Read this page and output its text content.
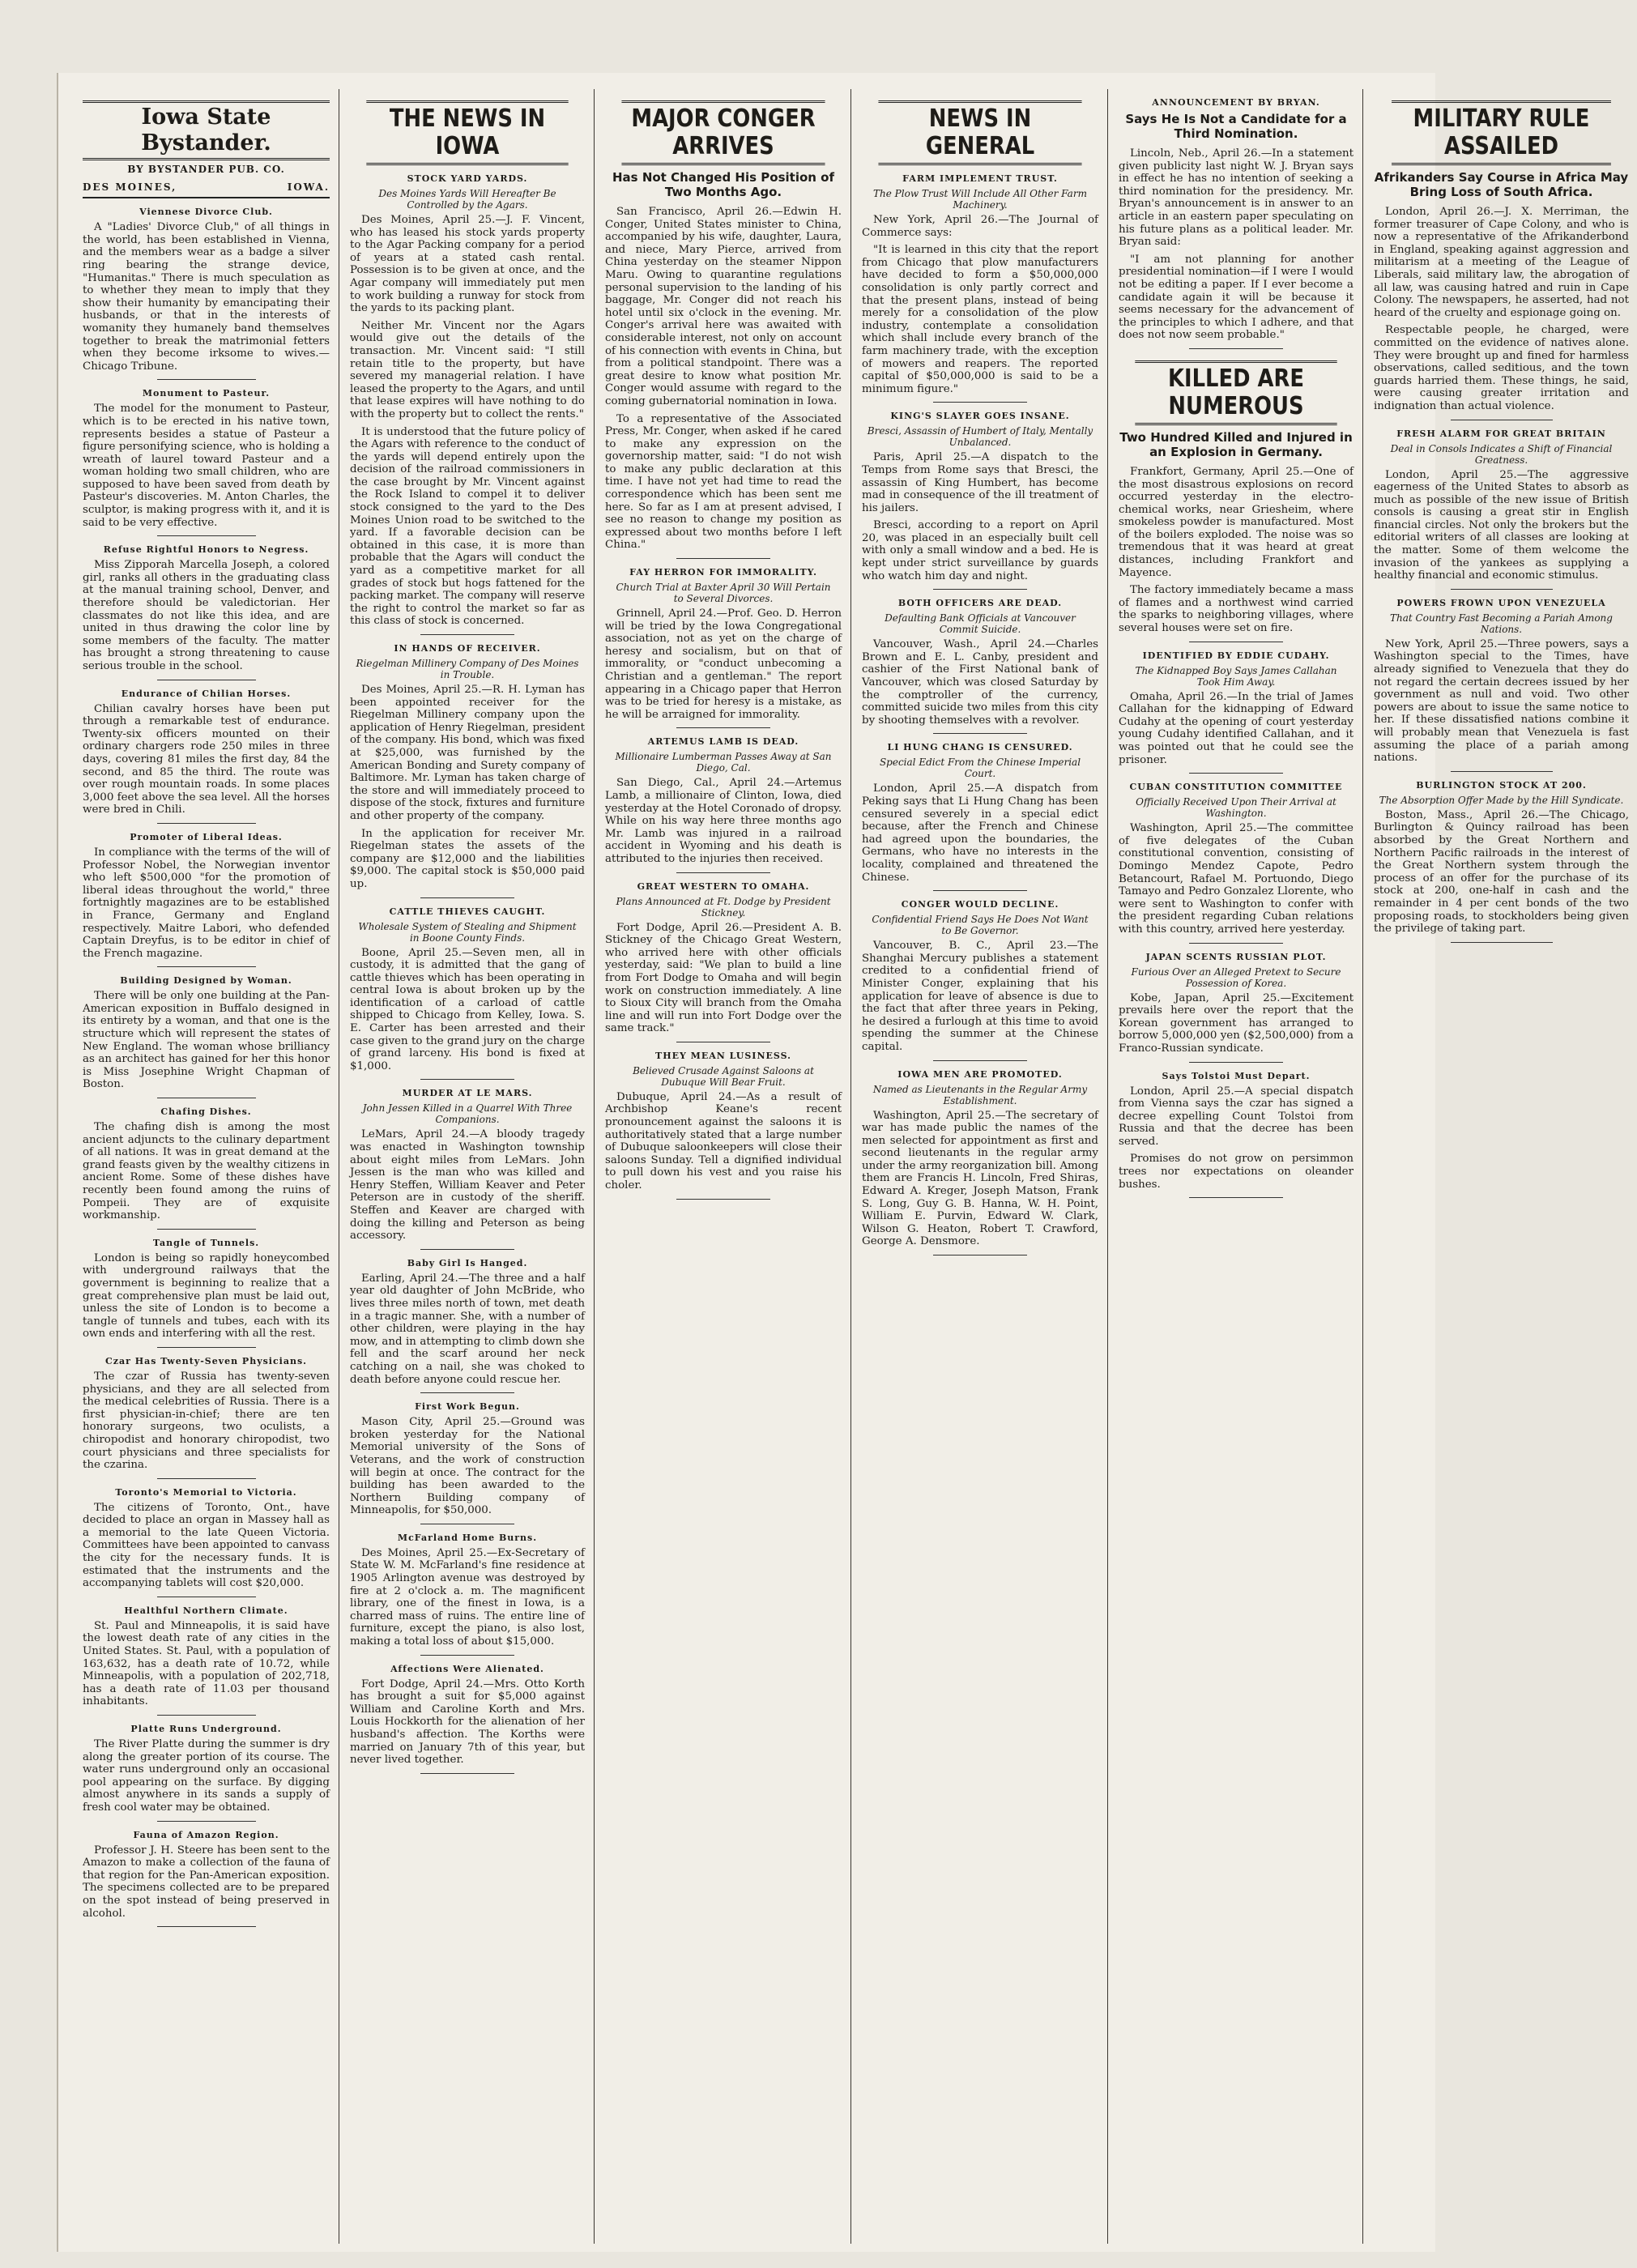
Iowa State Bystander.
BY BYSTANDER PUB. CO.
DES MOINES,	IOWA.
Viennese Divorce Club.

A "Ladies' Divorce Club," of all things in the world, has been established in Vienna, and the members wear as a badge a silver ring bearing the strange device, "Humanitas." There is much speculation as to whether they mean to imply that they show their humanity by emancipating their husbands, or that in the interests of womanity they humanely band themselves together to break the matrimonial fetters when they become irksome to wives.—Chicago Tribune.

Monument to Pasteur.

The model for the monument to Pasteur, which is to be erected in his native town, represents besides a statue of Pasteur a figure personifying science, who is holding a wreath of laurel toward Pasteur and a woman holding two small children, who are supposed to have been saved from death by Pasteur's discoveries. M. Anton Charles, the sculptor, is making progress with it, and it is said to be very effective.

Refuse Rightful Honors to Negress.

Miss Zipporah Marcella Joseph, a colored girl, ranks all others in the graduating class at the manual training school, Denver, and therefore should be valedictorian. Her classmates do not like this idea, and are united in thus drawing the color line by some members of the faculty. The matter has brought a strong threatening to cause serious trouble in the school.

Endurance of Chilian Horses.

Chilian cavalry horses have been put through a remarkable test of endurance. Twenty-six officers mounted on their ordinary chargers rode 250 miles in three days, covering 81 miles the first day, 84 the second, and 85 the third. The route was over rough mountain roads. In some places 3,000 feet above the sea level. All the horses were bred in Chili.

Promoter of Liberal Ideas.

In compliance with the terms of the will of Professor Nobel, the Norwegian inventor who left $500,000 "for the promotion of liberal ideas throughout the world," three fortnightly magazines are to be established in France, Germany and England respectively. Maitre Labori, who defended Captain Dreyfus, is to be editor in chief of the French magazine.

Building Designed by Woman.

There will be only one building at the Pan-American exposition in Buffalo designed in its entirety by a woman, and that one is the structure which will represent the states of New England. The woman whose brilliancy as an architect has gained for her this honor is Miss Josephine Wright Chapman of Boston.

Chafing Dishes.

The chafing dish is among the most ancient adjuncts to the culinary department of all nations. It was in great demand at the grand feasts given by the wealthy citizens in ancient Rome. Some of these dishes have recently been found among the ruins of Pompeii. They are of exquisite workmanship.

Tangle of Tunnels.

London is being so rapidly honeycombed with underground railways that the government is beginning to realize that a great comprehensive plan must be laid out, unless the site of London is to become a tangle of tunnels and tubes, each with its own ends and interfering with all the rest.

Czar Has Twenty-Seven Physicians.

The czar of Russia has twenty-seven physicians, and they are all selected from the medical celebrities of Russia. There is a first physician-in-chief; there are ten honorary surgeons, two oculists, a chiropodist and honorary chiropodist, two court physicians and three specialists for the czarina.

Toronto's Memorial to Victoria.

The citizens of Toronto, Ont., have decided to place an organ in Massey hall as a memorial to the late Queen Victoria. Committees have been appointed to canvass the city for the necessary funds. It is estimated that the instruments and the accompanying tablets will cost $20,000.

Healthful Northern Climate.

St. Paul and Minneapolis, it is said have the lowest death rate of any cities in the United States. St. Paul, with a population of 163,632, has a death rate of 10.72, while Minneapolis, with a population of 202,718, has a death rate of 11.03 per thousand inhabitants.

Platte Runs Underground.

The River Platte during the summer is dry along the greater portion of its course. The water runs underground only an occasional pool appearing on the surface. By digging almost anywhere in its sands a supply of fresh cool water may be obtained.

Fauna of Amazon Region.

Professor J. H. Steere has been sent to the Amazon to make a collection of the fauna of that region for the Pan-American exposition. The specimens collected are to be prepared on the spot instead of being preserved in alcohol.

THE NEWS IN IOWA
STOCK YARD YARDS.
Des Moines Yards Will Hereafter Be Controlled by the Agars.

Des Moines, April 25.—J. F. Vincent, who has leased his stock yards property to the Agar Packing company for a period of years at a stated cash rental. Possession is to be given at once, and the Agar company will immediately put men to work building a runway for stock from the yards to its packing plant.

Neither Mr. Vincent nor the Agars would give out the details of the transaction. Mr. Vincent said: "I still retain title to the property, but have severed my managerial relation. I have leased the property to the Agars, and until that lease expires will have nothing to do with the property but to collect the rents."

It is understood that the future policy of the Agars with reference to the conduct of the yards will depend entirely upon the decision of the railroad commissioners in the case brought by Mr. Vincent against the Rock Island to compel it to deliver stock consigned to the yard to the Des Moines Union road to be switched to the yard. If a favorable decision can be obtained in this case, it is more than probable that the Agars will conduct the yard as a competitive market for all grades of stock but hogs fattened for the packing market. The company will reserve the right to control the market so far as this class of stock is concerned.

IN HANDS OF RECEIVER.
Riegelman Millinery Company of Des Moines in Trouble.

Des Moines, April 25.—R. H. Lyman has been appointed receiver for the Riegelman Millinery company upon the application of Henry Riegelman, president of the company. His bond, which was fixed at $25,000, was furnished by the American Bonding and Surety company of Baltimore. Mr. Lyman has taken charge of the store and will immediately proceed to dispose of the stock, fixtures and furniture and other property of the company.

In the application for receiver Mr. Riegelman states the assets of the company are $12,000 and the liabilities $9,000. The capital stock is $50,000 paid up.

CATTLE THIEVES CAUGHT.
Wholesale System of Stealing and Shipment in Boone County Finds.

Boone, April 25.—Seven men, all in custody, it is admitted that the gang of cattle thieves which has been operating in central Iowa is about broken up by the identification of a carload of cattle shipped to Chicago from Kelley, Iowa. S. E. Carter has been arrested and their case given to the grand jury on the charge of grand larceny. His bond is fixed at $1,000.

MURDER AT LE MARS.
John Jessen Killed in a Quarrel With Three Companions.

LeMars, April 24.—A bloody tragedy was enacted in Washington township about eight miles from LeMars. John Jessen is the man who was killed and Henry Steffen, William Keaver and Peter Peterson are in custody of the sheriff. Steffen and Keaver are charged with doing the killing and Peterson as being accessory.

Baby Girl Is Hanged.

Earling, April 24.—The three and a half year old daughter of John McBride, who lives three miles north of town, met death in a tragic manner. She, with a number of other children, were playing in the hay mow, and in attempting to climb down she fell and the scarf around her neck catching on a nail, she was choked to death before anyone could rescue her.

First Work Begun.

Mason City, April 25.—Ground was broken yesterday for the National Memorial university of the Sons of Veterans, and the work of construction will begin at once. The contract for the building has been awarded to the Northern Building company of Minneapolis, for $50,000.

McFarland Home Burns.

Des Moines, April 25.—Ex-Secretary of State W. M. McFarland's fine residence at 1905 Arlington avenue was destroyed by fire at 2 o'clock a. m. The magnificent library, one of the finest in Iowa, is a charred mass of ruins. The entire line of furniture, except the piano, is also lost, making a total loss of about $15,000.

Affections Were Alienated.

Fort Dodge, April 24.—Mrs. Otto Korth has brought a suit for $5,000 against William and Caroline Korth and Mrs. Louis Hockkorth for the alienation of her husband's affection. The Korths were married on January 7th of this year, but never lived together.

MAJOR CONGER ARRIVES
Has Not Changed His Position of Two Months Ago.

San Francisco, April 26.—Edwin H. Conger, United States minister to China, accompanied by his wife, daughter, Laura, and niece, Mary Pierce, arrived from China yesterday on the steamer Nippon Maru. Owing to quarantine regulations personal supervision to the landing of his baggage, Mr. Conger did not reach his hotel until six o'clock in the evening. Mr. Conger's arrival here was awaited with considerable interest, not only on account of his connection with events in China, but from a political standpoint. There was a great desire to know what position Mr. Conger would assume with regard to the coming gubernatorial nomination in Iowa.

To a representative of the Associated Press, Mr. Conger, when asked if he cared to make any expression on the governorship matter, said: "I do not wish to make any public declaration at this time. I have not yet had time to read the correspondence which has been sent me here. So far as I am at present advised, I see no reason to change my position as expressed about two months before I left China."

FAY HERRON FOR IMMORALITY.
Church Trial at Baxter April 30 Will Pertain to Several Divorces.

Grinnell, April 24.—Prof. Geo. D. Herron will be tried by the Iowa Congregational association, not as yet on the charge of heresy and socialism, but on that of immorality, or "conduct unbecoming a Christian and a gentleman." The report appearing in a Chicago paper that Herron was to be tried for heresy is a mistake, as he will be arraigned for immorality.

ARTEMUS LAMB IS DEAD.
Millionaire Lumberman Passes Away at San Diego, Cal.

San Diego, Cal., April 24.—Artemus Lamb, a millionaire of Clinton, Iowa, died yesterday at the Hotel Coronado of dropsy. While on his way here three months ago Mr. Lamb was injured in a railroad accident in Wyoming and his death is attributed to the injuries then received.

GREAT WESTERN TO OMAHA.
Plans Announced at Ft. Dodge by President Stickney.

Fort Dodge, April 26.—President A. B. Stickney of the Chicago Great Western, who arrived here with other officials yesterday, said: "We plan to build a line from Fort Dodge to Omaha and will begin work on construction immediately. A line to Sioux City will branch from the Omaha line and will run into Fort Dodge over the same track."

THEY MEAN LUSINESS.
Believed Crusade Against Saloons at Dubuque Will Bear Fruit.

Dubuque, April 24.—As a result of Archbishop Keane's recent pronouncement against the saloons it is authoritatively stated that a large number of Dubuque saloonkeepers will close their saloons Sunday. Tell a dignified individual to pull down his vest and you raise his choler.

NEWS IN GENERAL
FARM IMPLEMENT TRUST.
The Plow Trust Will Include All Other Farm Machinery.

New York, April 26.—The Journal of Commerce says:

"It is learned in this city that the report from Chicago that plow manufacturers have decided to form a $50,000,000 consolidation is only partly correct and that the present plans, instead of being merely for a consolidation of the plow industry, contemplate a consolidation which shall include every branch of the farm machinery trade, with the exception of mowers and reapers. The reported capital of $50,000,000 is said to be a minimum figure."

KING'S SLAYER GOES INSANE.
Bresci, Assassin of Humbert of Italy, Mentally Unbalanced.

Paris, April 25.—A dispatch to the Temps from Rome says that Bresci, the assassin of King Humbert, has become mad in consequence of the ill treatment of his jailers.

Bresci, according to a report on April 20, was placed in an especially built cell with only a small window and a bed. He is kept under strict surveillance by guards who watch him day and night.

BOTH OFFICERS ARE DEAD.
Defaulting Bank Officials at Vancouver Commit Suicide.

Vancouver, Wash., April 24.—Charles Brown and E. L. Canby, president and cashier of the First National bank of Vancouver, which was closed Saturday by the comptroller of the currency, committed suicide two miles from this city by shooting themselves with a revolver.

LI HUNG CHANG IS CENSURED.
Special Edict From the Chinese Imperial Court.

London, April 25.—A dispatch from Peking says that Li Hung Chang has been censured severely in a special edict because, after the French and Chinese had agreed upon the boundaries, the Germans, who have no interests in the locality, complained and threatened the Chinese.

CONGER WOULD DECLINE.
Confidential Friend Says He Does Not Want to Be Governor.

Vancouver, B. C., April 23.—The Shanghai Mercury publishes a statement credited to a confidential friend of Minister Conger, explaining that his application for leave of absence is due to the fact that after three years in Peking, he desired a furlough at this time to avoid spending the summer at the Chinese capital.

IOWA MEN ARE PROMOTED.
Named as Lieutenants in the Regular Army Establishment.

Washington, April 25.—The secretary of war has made public the names of the men selected for appointment as first and second lieutenants in the regular army under the army reorganization bill. Among them are Francis H. Lincoln, Fred Shiras, Edward A. Kreger, Joseph Matson, Frank S. Long, Guy G. B. Hanna, W. H. Point, William E. Purvin, Edward W. Clark, Wilson G. Heaton, Robert T. Crawford, George A. Densmore.

ANNOUNCEMENT BY BRYAN.
Says He Is Not a Candidate for a Third Nomination.

Lincoln, Neb., April 26.—In a statement given publicity last night W. J. Bryan says in effect he has no intention of seeking a third nomination for the presidency. Mr. Bryan's announcement is in answer to an article in an eastern paper speculating on his future plans as a political leader. Mr. Bryan said:

"I am not planning for another presidential nomination—if I were I would not be editing a paper. If I ever become a candidate again it will be because it seems necessary for the advancement of the principles to which I adhere, and that does not now seem probable."

KILLED ARE NUMEROUS
Two Hundred Killed and Injured in an Explosion in Germany.

Frankfort, Germany, April 25.—One of the most disastrous explosions on record occurred yesterday in the electro-chemical works, near Griesheim, where smokeless powder is manufactured. Most of the boilers exploded. The noise was so tremendous that it was heard at great distances, including Frankfort and Mayence.

The factory immediately became a mass of flames and a northwest wind carried the sparks to neighboring villages, where several houses were set on fire.

IDENTIFIED BY EDDIE CUDAHY.
The Kidnapped Boy Says James Callahan Took Him Away.

Omaha, April 26.—In the trial of James Callahan for the kidnapping of Edward Cudahy at the opening of court yesterday young Cudahy identified Callahan, and it was pointed out that he could see the prisoner.

CUBAN CONSTITUTION COMMITTEE
Officially Received Upon Their Arrival at Washington.

Washington, April 25.—The committee of five delegates of the Cuban constitutional convention, consisting of Domingo Mendez Capote, Pedro Betancourt, Rafael M. Portuondo, Diego Tamayo and Pedro Gonzalez Llorente, who were sent to Washington to confer with the president regarding Cuban relations with this country, arrived here yesterday.

JAPAN SCENTS RUSSIAN PLOT.
Furious Over an Alleged Pretext to Secure Possession of Korea.

Kobe, Japan, April 25.—Excitement prevails here over the report that the Korean government has arranged to borrow 5,000,000 yen ($2,500,000) from a Franco-Russian syndicate.

Says Tolstoi Must Depart.

London, April 25.—A special dispatch from Vienna says the czar has signed a decree expelling Count Tolstoi from Russia and that the decree has been served.

Promises do not grow on persimmon trees nor expectations on oleander bushes.

MILITARY RULE ASSAILED
Afrikanders Say Course in Africa May Bring Loss of South Africa.

London, April 26.—J. X. Merriman, the former treasurer of Cape Colony, and who is now a representative of the Afrikanderbond in England, speaking against aggression and militarism at a meeting of the League of Liberals, said military law, the abrogation of all law, was causing hatred and ruin in Cape Colony. The newspapers, he asserted, had not heard of the cruelty and espionage going on.

Respectable people, he charged, were committed on the evidence of natives alone. They were brought up and fined for harmless observations, called seditious, and the town guards harried them. These things, he said, were causing greater irritation and indignation than actual violence.

FRESH ALARM FOR GREAT BRITAIN
Deal in Consols Indicates a Shift of Financial Greatness.

London, April 25.—The aggressive eagerness of the United States to absorb as much as possible of the new issue of British consols is causing a great stir in English financial circles. Not only the brokers but the editorial writers of all classes are looking at the matter. Some of them welcome the invasion of the yankees as supplying a healthy financial and economic stimulus.

POWERS FROWN UPON VENEZUELA
That Country Fast Becoming a Pariah Among Nations.

New York, April 25.—Three powers, says a Washington special to the Times, have already signified to Venezuela that they do not regard the certain decrees issued by her government as null and void. Two other powers are about to issue the same notice to her. If these dissatisfied nations combine it will probably mean that Venezuela is fast assuming the place of a pariah among nations.

BURLINGTON STOCK AT 200.
The Absorption Offer Made by the Hill Syndicate.

Boston, Mass., April 26.—The Chicago, Burlington & Quincy railroad has been absorbed by the Great Northern and Northern Pacific railroads in the interest of the Great Northern system through the process of an offer for the purchase of its stock at 200, one-half in cash and the remainder in 4 per cent bonds of the two proposing roads, to stockholders being given the privilege of taking part.
